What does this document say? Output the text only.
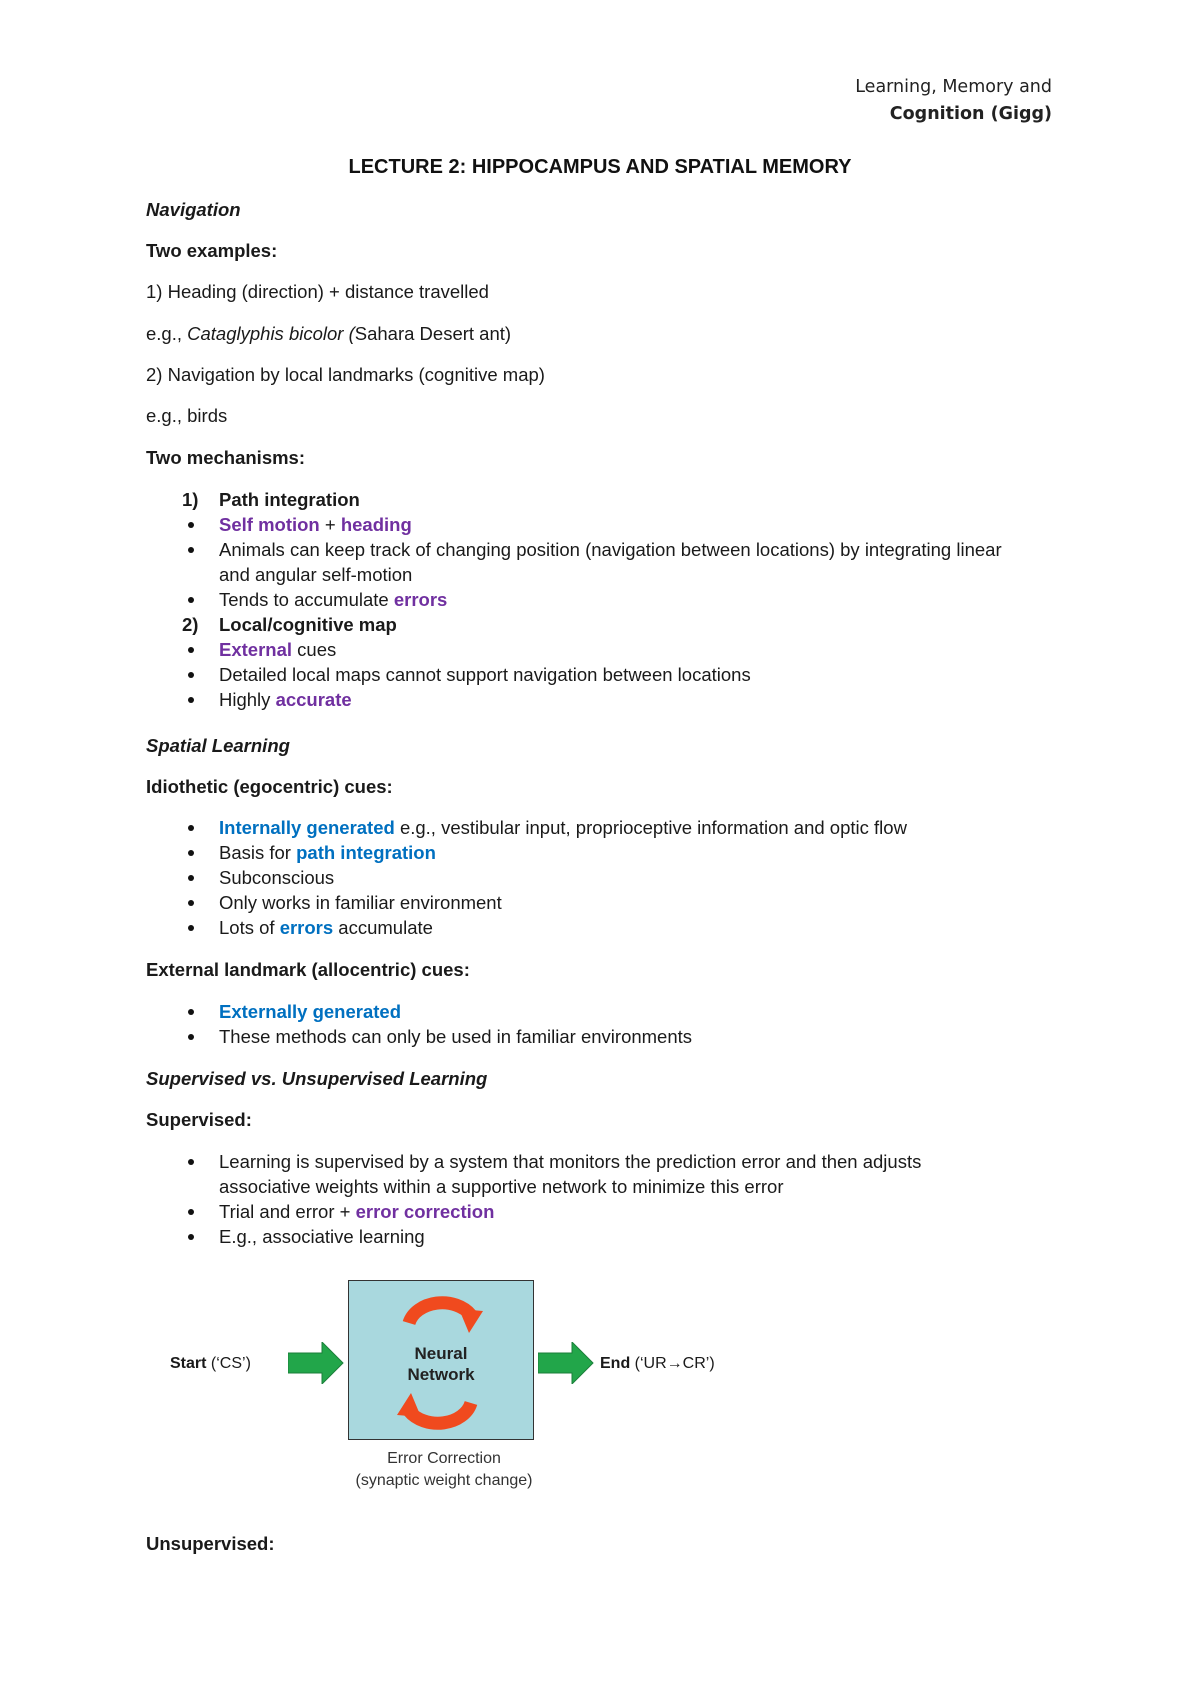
Learning, Memory and
Cognition (Gigg)
LECTURE 2: HIPPOCAMPUS AND SPATIAL MEMORY
Navigation
Two examples:
1) Heading (direction) + distance travelled
e.g., Cataglyphis bicolor (Sahara Desert ant)
2) Navigation by local landmarks (cognitive map)
e.g., birds
Two mechanisms:
1) Path integration
Self motion + heading
Animals can keep track of changing position (navigation between locations) by integrating linear and angular self-motion
Tends to accumulate errors
2) Local/cognitive map
External cues
Detailed local maps cannot support navigation between locations
Highly accurate
Spatial Learning
Idiothetic (egocentric) cues:
Internally generated e.g., vestibular input, proprioceptive information and optic flow
Basis for path integration
Subconscious
Only works in familiar environment
Lots of errors accumulate
External landmark (allocentric) cues:
Externally generated
These methods can only be used in familiar environments
Supervised vs. Unsupervised Learning
Supervised:
Learning is supervised by a system that monitors the prediction error and then adjusts associative weights within a supportive network to minimize this error
Trial and error + error correction
E.g., associative learning
Start (‘CS’)
Neural
Network
End (‘UR→CR’)
Error Correction
(synaptic weight change)
Unsupervised:
